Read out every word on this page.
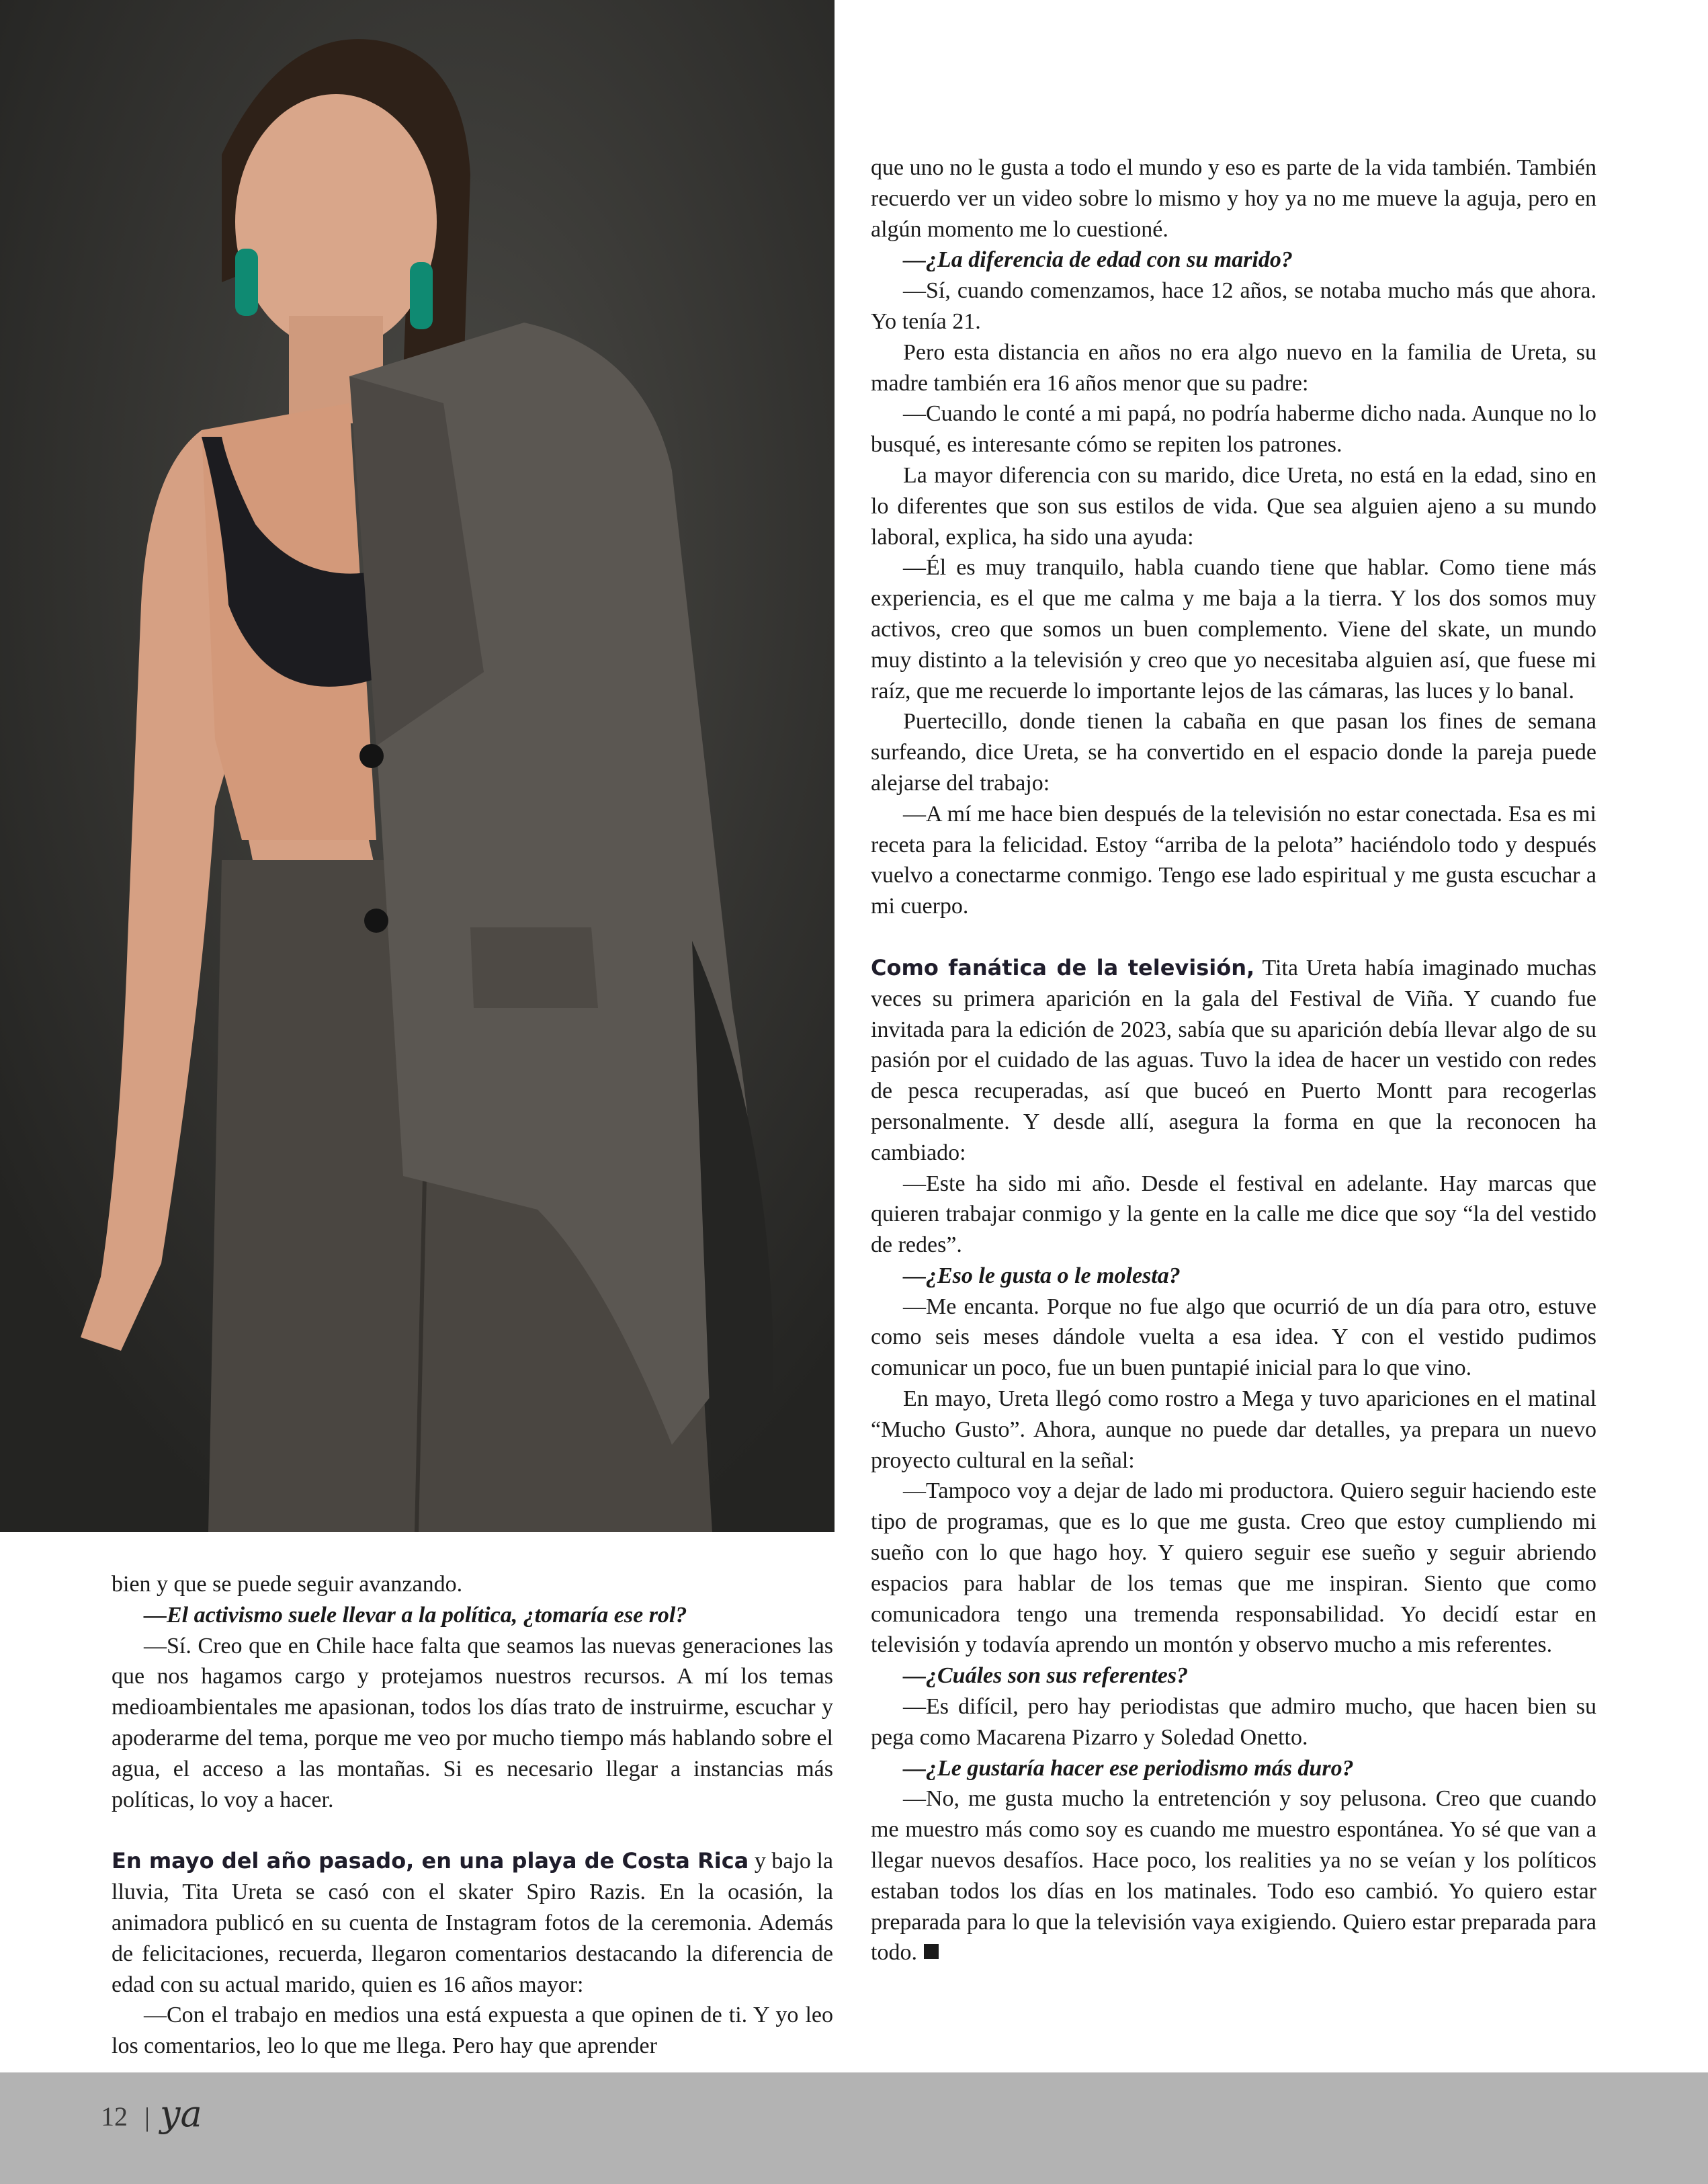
bien y que se puede seguir avanzando.

—El activismo suele llevar a la política, ¿tomaría ese rol?

—Sí. Creo que en Chile hace falta que seamos las nuevas generaciones las que nos hagamos cargo y protejamos nuestros recursos. A mí los temas medioambientales me apasionan, todos los días trato de instruirme, escuchar y apoderarme del tema, porque me veo por mucho tiempo más hablando sobre el agua, el acceso a las montañas. Si es necesario llegar a instancias más políticas, lo voy a hacer.

En mayo del año pasado, en una playa de Costa Rica y bajo la lluvia, Tita Ureta se casó con el skater Spiro Razis. En la ocasión, la animadora publicó en su cuenta de Instagram fotos de la ceremonia. Además de felicitaciones, recuerda, llegaron comentarios destacando la diferencia de edad con su actual marido, quien es 16 años mayor:

—Con el trabajo en medios una está expuesta a que opinen de ti. Y yo leo los comentarios, leo lo que me llega. Pero hay que aprender

que uno no le gusta a todo el mundo y eso es parte de la vida también. También recuerdo ver un video sobre lo mismo y hoy ya no me mueve la aguja, pero en algún momento me lo cuestioné.

—¿La diferencia de edad con su marido?

—Sí, cuando comenzamos, hace 12 años, se notaba mucho más que ahora. Yo tenía 21.

Pero esta distancia en años no era algo nuevo en la familia de Ureta, su madre también era 16 años menor que su padre:

—Cuando le conté a mi papá, no podría haberme dicho nada. Aunque no lo busqué, es interesante cómo se repiten los patrones.

La mayor diferencia con su marido, dice Ureta, no está en la edad, sino en lo diferentes que son sus estilos de vida. Que sea alguien ajeno a su mundo laboral, explica, ha sido una ayuda:

—Él es muy tranquilo, habla cuando tiene que hablar. Como tiene más experiencia, es el que me calma y me baja a la tierra. Y los dos somos muy activos, creo que somos un buen complemento. Viene del skate, un mundo muy distinto a la televisión y creo que yo necesitaba alguien así, que fuese mi raíz, que me recuerde lo importante lejos de las cámaras, las luces y lo banal.

Puertecillo, donde tienen la cabaña en que pasan los fines de semana surfeando, dice Ureta, se ha convertido en el espacio donde la pareja puede alejarse del trabajo:

—A mí me hace bien después de la televisión no estar conectada. Esa es mi receta para la felicidad. Estoy “arriba de la pelota” haciéndolo todo y después vuelvo a conectarme conmigo. Tengo ese lado espiritual y me gusta escuchar a mi cuerpo.

Como fanática de la televisión, Tita Ureta había imaginado muchas veces su primera aparición en la gala del Festival de Viña. Y cuando fue invitada para la edición de 2023, sabía que su aparición debía llevar algo de su pasión por el cuidado de las aguas. Tuvo la idea de hacer un vestido con redes de pesca recuperadas, así que buceó en Puerto Montt para recogerlas personalmente. Y desde allí, asegura la forma en que la reconocen ha cambiado:

—Este ha sido mi año. Desde el festival en adelante. Hay marcas que quieren trabajar conmigo y la gente en la calle me dice que soy “la del vestido de redes”.

—¿Eso le gusta o le molesta?

—Me encanta. Porque no fue algo que ocurrió de un día para otro, estuve como seis meses dándole vuelta a esa idea. Y con el vestido pudimos comunicar un poco, fue un buen puntapié inicial para lo que vino.

En mayo, Ureta llegó como rostro a Mega y tuvo apariciones en el matinal “Mucho Gusto”. Ahora, aunque no puede dar detalles, ya prepara un nuevo proyecto cultural en la señal:

—Tampoco voy a dejar de lado mi productora. Quiero seguir haciendo este tipo de programas, que es lo que me gusta. Creo que estoy cumpliendo mi sueño con lo que hago hoy. Y quiero seguir ese sueño y seguir abriendo espacios para hablar de los temas que me inspiran. Siento que como comunicadora tengo una tremenda responsabilidad. Yo decidí estar en televisión y todavía aprendo un montón y observo mucho a mis referentes.

—¿Cuáles son sus referentes?

—Es difícil, pero hay periodistas que admiro mucho, que hacen bien su pega como Macarena Pizarro y Soledad Onetto.

—¿Le gustaría hacer ese periodismo más duro?

—No, me gusta mucho la entretención y soy pelusona. Creo que cuando me muestro más como soy es cuando me muestro espontánea. Yo sé que van a llegar nuevos desafíos. Hace poco, los realities ya no se veían y los políticos estaban todos los días en los matinales. Todo eso cambió. Yo quiero estar preparada para lo que la televisión vaya exigiendo. Quiero estar preparada para todo.

12 ya
